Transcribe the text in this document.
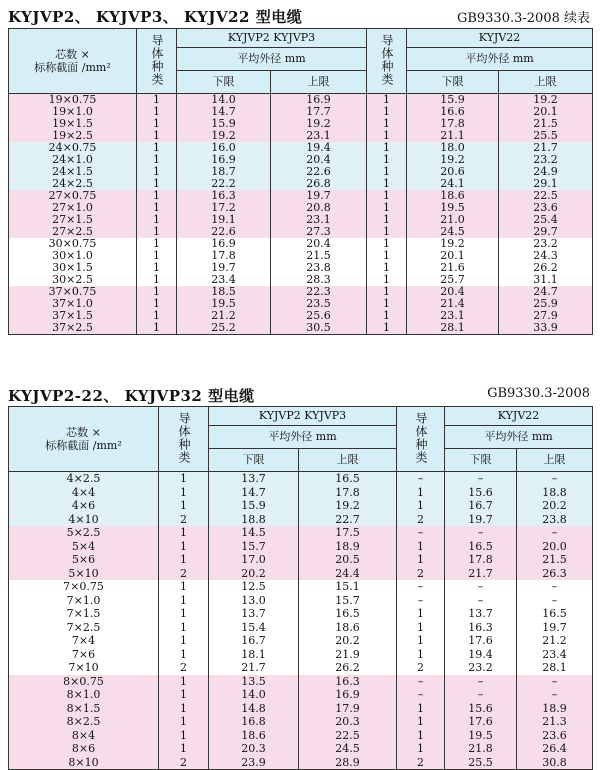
KYJVP2、 KYJVP3、 KYJV22 型电缆	GB9330.3-2008 续表
芯数 ×
标称截面 /mm²	导体种类	KYJVP2 KYJVP3		导体种类	KYJV22	
		平均外径 mm			平均外径 mm	
		下限	上限		下限	上限
19×0.75	1	14.0	16.9	1	15.9	19.2
19×1.0	1	14.7	17.7	1	16.6	20.1
19×1.5	1	15.9	19.2	1	17.8	21.5
19×2.5	1	19.2	23.1	1	21.1	25.5
24×0.75	1	16.0	19.4	1	18.0	21.7
24×1.0	1	16.9	20.4	1	19.2	23.2
24×1.5	1	18.7	22.6	1	20.6	24.9
24×2.5	1	22.2	26.8	1	24.1	29.1
27×0.75	1	16.3	19.7	1	18.6	22.5
27×1.0	1	17.2	20.8	1	19.5	23.6
27×1.5	1	19.1	23.1	1	21.0	25.4
27×2.5	1	22.6	27.3	1	24.5	29.7
30×0.75	1	16.9	20.4	1	19.2	23.2
30×1.0	1	17.8	21.5	1	20.1	24.3
30×1.5	1	19.7	23.8	1	21.6	26.2
30×2.5	1	23.4	28.3	1	25.7	31.1
37×0.75	1	18.5	22.3	1	20.4	24.7
37×1.0	1	19.5	23.5	1	21.4	25.9
37×1.5	1	21.2	25.6	1	23.1	27.9
37×2.5	1	25.2	30.5	1	28.1	33.9
KYJVP2-22、 KYJVP32 型电缆	GB9330.3-2008
芯数 ×
标称截面 /mm²	导体种类	KYJVP2 KYJVP3		导体种类	KYJV22	
		平均外径 mm			平均外径 mm	
		下限	上限		下限	上限
4×2.5	1	13.7	16.5	–	–	–
4×4	1	14.7	17.8	1	15.6	18.8
4×6	1	15.9	19.2	1	16.7	20.2
4×10	2	18.8	22.7	2	19.7	23.8
5×2.5	1	14.5	17.5	–	–	–
5×4	1	15.7	18.9	1	16.5	20.0
5×6	1	17.0	20.5	1	17.8	21.5
5×10	2	20.2	24.4	2	21.7	26.3
7×0.75	1	12.5	15.1	–	–	–
7×1.0	1	13.0	15.7	–	–	–
7×1.5	1	13.7	16.5	1	13.7	16.5
7×2.5	1	15.4	18.6	1	16.3	19.7
7×4	1	16.7	20.2	1	17.6	21.2
7×6	1	18.1	21.9	1	19.4	23.4
7×10	2	21.7	26.2	2	23.2	28.1
8×0.75	1	13.5	16.3	–	–	–
8×1.0	1	14.0	16.9	–	–	–
8×1.5	1	14.8	17.9	1	15.6	18.9
8×2.5	1	16.8	20.3	1	17.6	21.3
8×4	1	18.6	22.5	1	19.5	23.6
8×6	1	20.3	24.5	1	21.8	26.4
8×10	2	23.9	28.9	2	25.5	30.8
